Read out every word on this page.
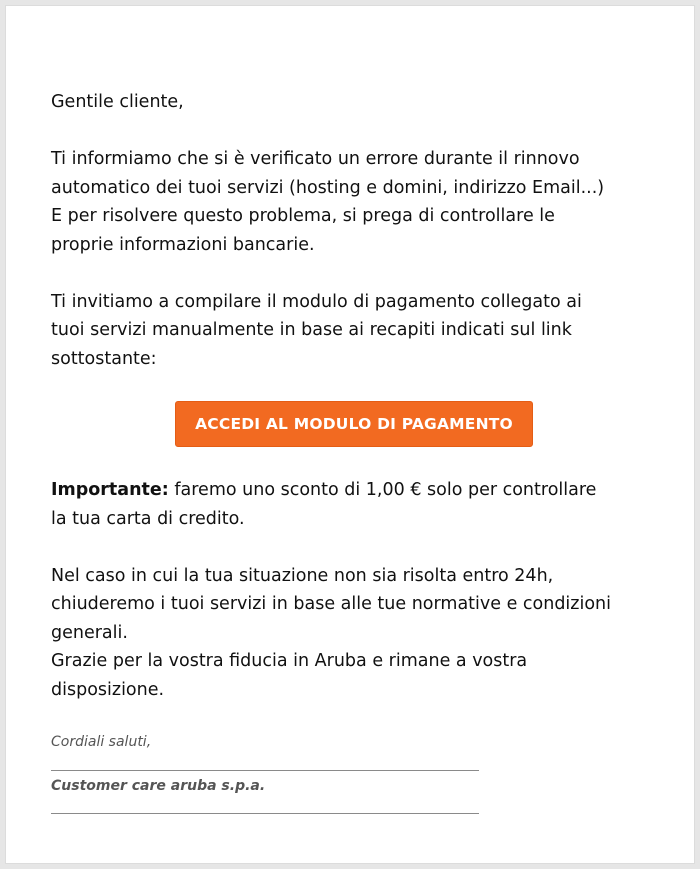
Gentile cliente,

Ti informiamo che si è verificato un errore durante il rinnovo

automatico dei tuoi servizi (hosting e domini, indirizzo Email...)

E per risolvere questo problema, si prega di controllare le

proprie informazioni bancarie.

Ti invitiamo a compilare il modulo di pagamento collegato ai

tuoi servizi manualmente in base ai recapiti indicati sul link

sottostante:

ACCEDI AL MODULO DI PAGAMENTO

Importante: faremo uno sconto di 1,00 € solo per controllare

la tua carta di credito.

Nel caso in cui la tua situazione non sia risolta entro 24h,

chiuderemo i tuoi servizi in base alle tue normative e condizioni

generali.

Grazie per la vostra fiducia in Aruba e rimane a vostra

disposizione.

Cordiali saluti,

Customer care aruba s.p.a.
